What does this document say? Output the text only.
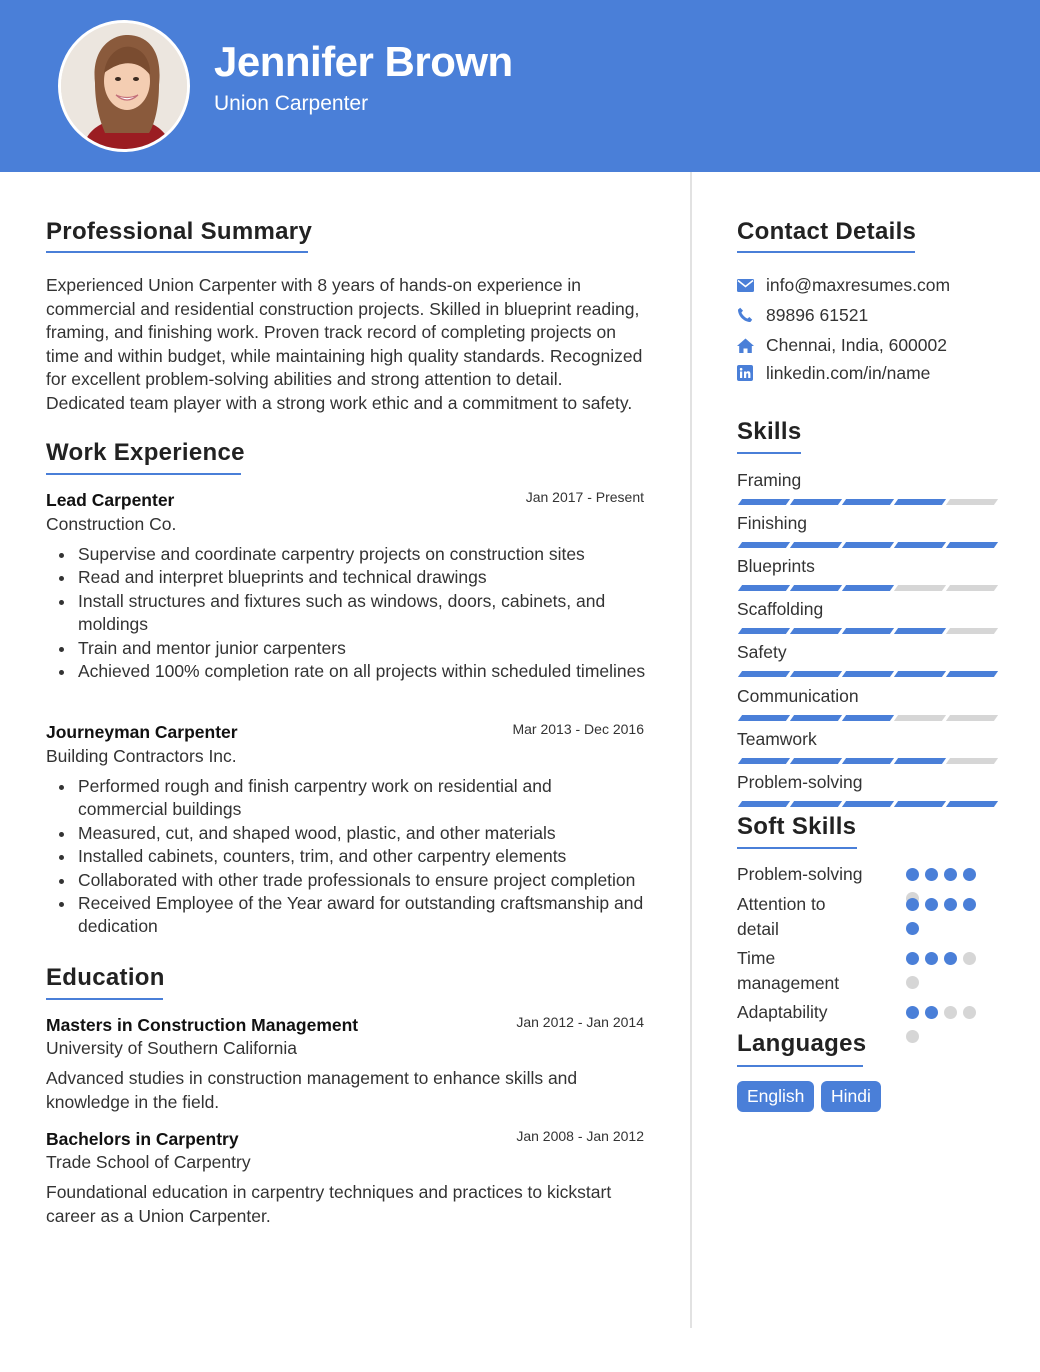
Jennifer Brown
Union Carpenter
Professional Summary
Experienced Union Carpenter with 8 years of hands-on experience in commercial and residential construction projects. Skilled in blueprint reading, framing, and finishing work. Proven track record of completing projects on time and within budget, while maintaining high quality standards. Recognized for excellent problem-solving abilities and strong attention to detail. Dedicated team player with a strong work ethic and a commitment to safety.
Work Experience
Lead Carpenter	Jan 2017 - Present
Construction Co.
Supervise and coordinate carpentry projects on construction sites
Read and interpret blueprints and technical drawings
Install structures and fixtures such as windows, doors, cabinets, and moldings
Train and mentor junior carpenters
Achieved 100% completion rate on all projects within scheduled timelines
Journeyman Carpenter	Mar 2013 - Dec 2016
Building Contractors Inc.
Performed rough and finish carpentry work on residential and commercial buildings
Measured, cut, and shaped wood, plastic, and other materials
Installed cabinets, counters, trim, and other carpentry elements
Collaborated with other trade professionals to ensure project completion
Received Employee of the Year award for outstanding craftsmanship and dedication
Education
Masters in Construction Management	Jan 2012 - Jan 2014
University of Southern California
Advanced studies in construction management to enhance skills and knowledge in the field.
Bachelors in Carpentry	Jan 2008 - Jan 2012
Trade School of Carpentry
Foundational education in carpentry techniques and practices to kickstart career as a Union Carpenter.
Contact Details
info@maxresumes.com
89896 61521
Chennai, India, 600002
linkedin.com/in/name
Skills
Framing
Finishing
Blueprints
Scaffolding
Safety
Communication
Teamwork
Problem-solving
Soft Skills
Problem-solving
Attention to detail
Time management
Adaptability
Languages
English	Hindi
